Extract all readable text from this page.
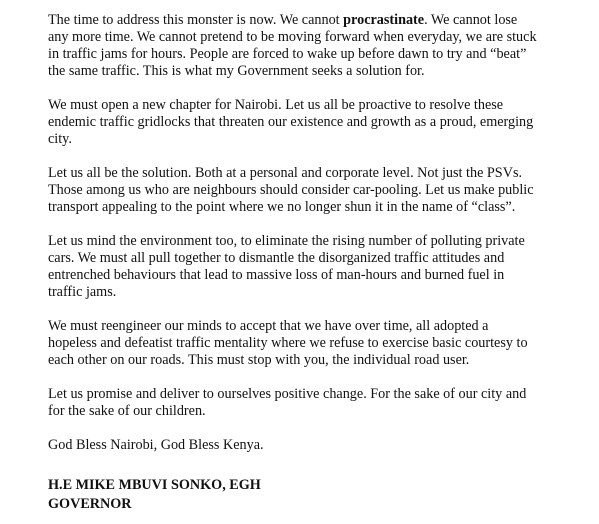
The time to address this monster is now. We cannot procrastinate. We cannot lose
any more time. We cannot pretend to be moving forward when everyday, we are stuck
in traffic jams for hours. People are forced to wake up before dawn to try and “beat”
the same traffic. This is what my Government seeks a solution for.

We must open a new chapter for Nairobi. Let us all be proactive to resolve these
endemic traffic gridlocks that threaten our existence and growth as a proud, emerging
city.

Let us all be the solution. Both at a personal and corporate level. Not just the PSVs.
Those among us who are neighbours should consider car-pooling. Let us make public
transport appealing to the point where we no longer shun it in the name of “class”.

Let us mind the environment too, to eliminate the rising number of polluting private
cars. We must all pull together to dismantle the disorganized traffic attitudes and
entrenched behaviours that lead to massive loss of man-hours and burned fuel in
traffic jams.

We must reengineer our minds to accept that we have over time, all adopted a
hopeless and defeatist traffic mentality where we refuse to exercise basic courtesy to
each other on our roads. This must stop with you, the individual road user.

Let us promise and deliver to ourselves positive change. For the sake of our city and
for the sake of our children.

God Bless Nairobi, God Bless Kenya.

H.E MIKE MBUVI SONKO, EGH

GOVERNOR
